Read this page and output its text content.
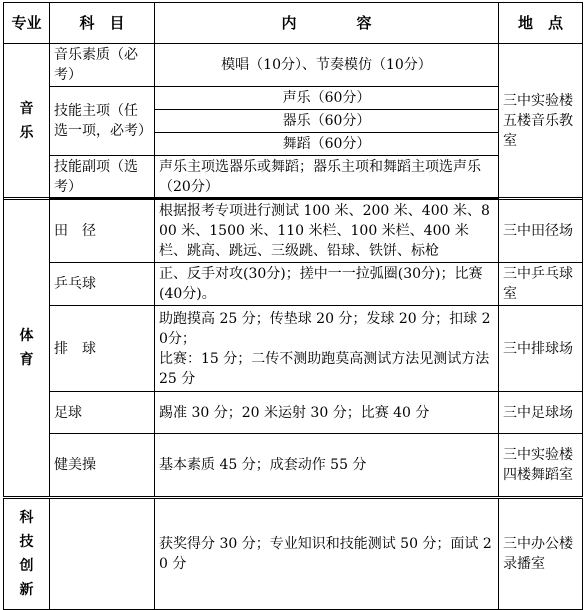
专业	科　目	内　　　　容	地　点
音
乐	音乐素质（必考）	模唱（10分）、节奏模仿（10分）	三中实验楼五楼音乐教室
	技能主项（任选一项，必考）	声乐（60分）	
		器乐（60分）	
		舞蹈（60分）	
	技能副项（选考）	声乐主项选器乐或舞蹈；器乐主项和舞蹈主项选声乐（20分）	

体
育	田　径	根据报考专项进行测试 100 米、200 米、400 米、800 米、1500 米、110 米栏、100 米栏、400 米栏、跳高、跳远、三级跳、铅球、铁饼、标枪	三中田径场
	乒乓球	正、反手对攻(30分)；搓中一一拉弧圈(30分)；比赛(40分)。	三中乒乓球室
	排　球	助跑摸高 25 分；传垫球 20 分；发球 20 分；扣球 20分；
比赛：15 分；二传不测助跑莫高测试方法见测试方法 25 分	三中排球场
	足球	踢准 30 分；20 米运射 30 分；比赛 40 分	三中足球场
	健美操	基本素质 45 分；成套动作 55 分	三中实验楼四楼舞蹈室
科
技
创
新		获奖得分 30 分；专业知识和技能测试 50 分；面试 20 分	三中办公楼录播室
